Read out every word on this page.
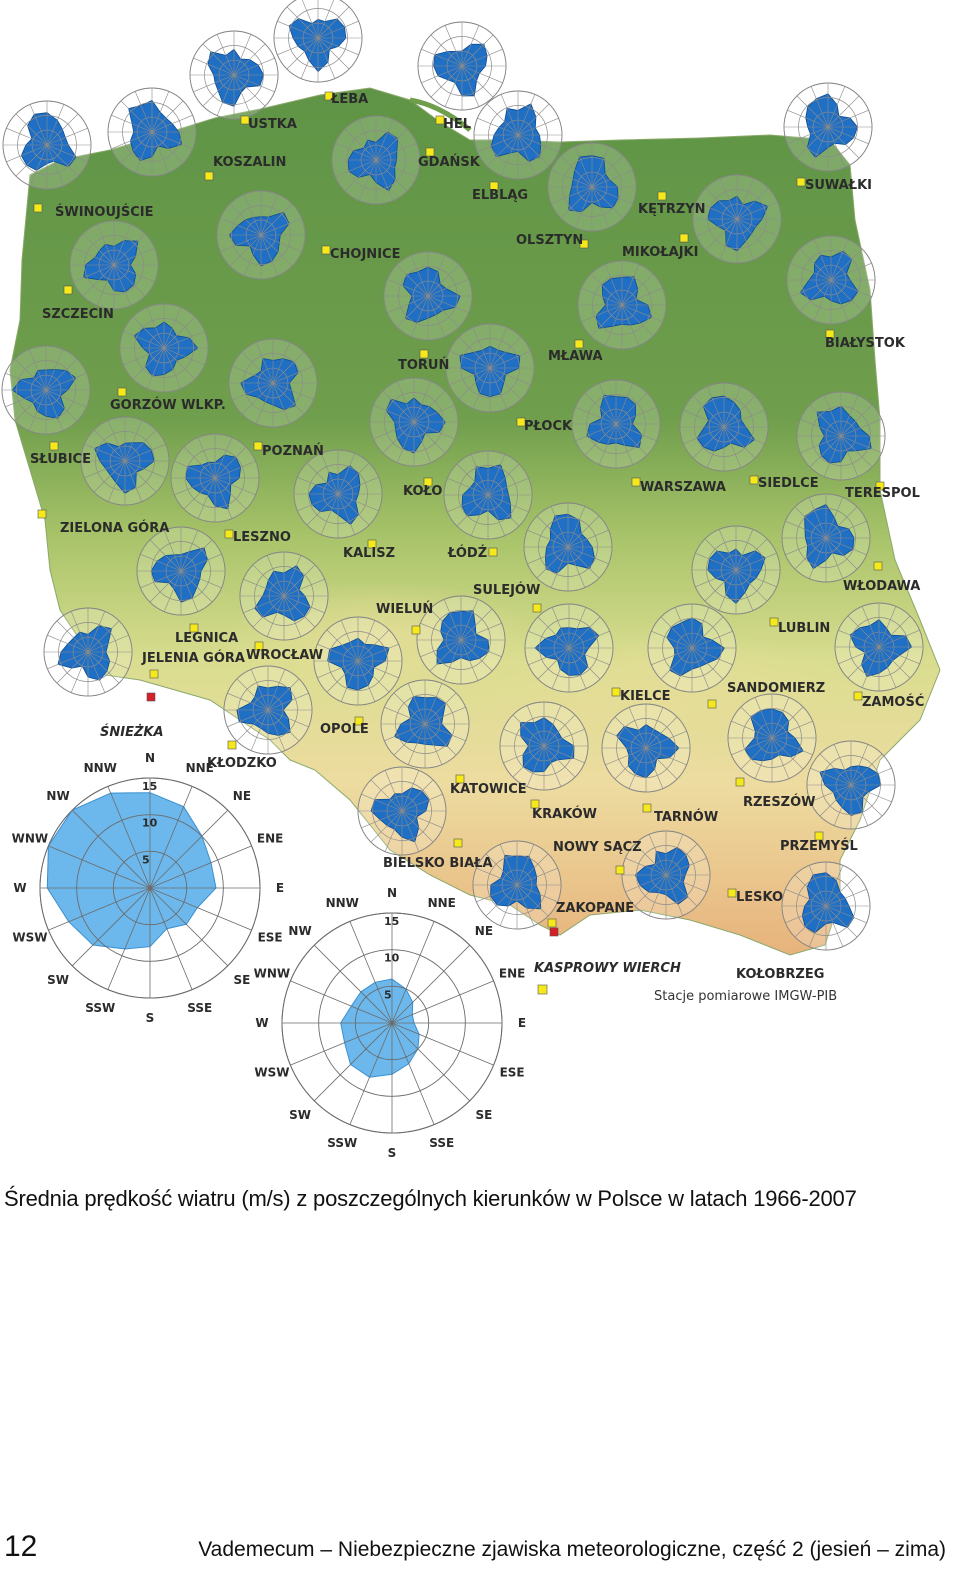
ŚWINOUJŚCIE
KOSZALIN
USTKA
ŁEBA
HEL
GDAŃSK
ELBLĄG
KĘTRZYN
SUWAŁKI
OLSZTYN
MIKOŁAJKI
CHOJNICE
SZCZECIN
BIAŁYSTOK
MŁAWA
TORUŃ
GORZÓW WLKP.
PŁOCK
SŁUBICE
POZNAŃ
WARSZAWA SIEDLCE
TERESPOL
KOŁO
ZIELONA GÓRA
LESZNO
KALISZ	ŁÓDŹ
SULEJÓW	WŁODAWA
WIELUŃ
LUBLIN
LEGNICA
JELENIA GÓRA WROCŁAW
KIELCE
SANDOMIERZ
ZAMOŚĆ
ŚNIEŻKA	OPOLE
KŁODZKO
KATOWICE
RZESZÓW
KRAKÓW	TARNÓW
PRZEMYŚL
NOWY SĄCZ
BIELSKO BIAŁA
LESKO
ZAKOPANE
KASPROWY WIERCH	KOŁOBRZEG
N
NNE
NE
ENE
E
ESE
SE
SSE
S
SSW
SW
WSW
W
WNW
NW
NNW
5
10
15
N
NNE
NE
ENE
E
ESE
SE
SSE
S
SSW
SW
WSW
W
WNW
NW
NNW
5
10
15
Stacje pomiarowe IMGW-PIB
Średnia prędkość wiatru (m/s) z poszczególnych kierunków w Polsce w latach 1966-2007
12	Vademecum – Niebezpieczne zjawiska meteorologiczne, część 2 (jesień – zima)
